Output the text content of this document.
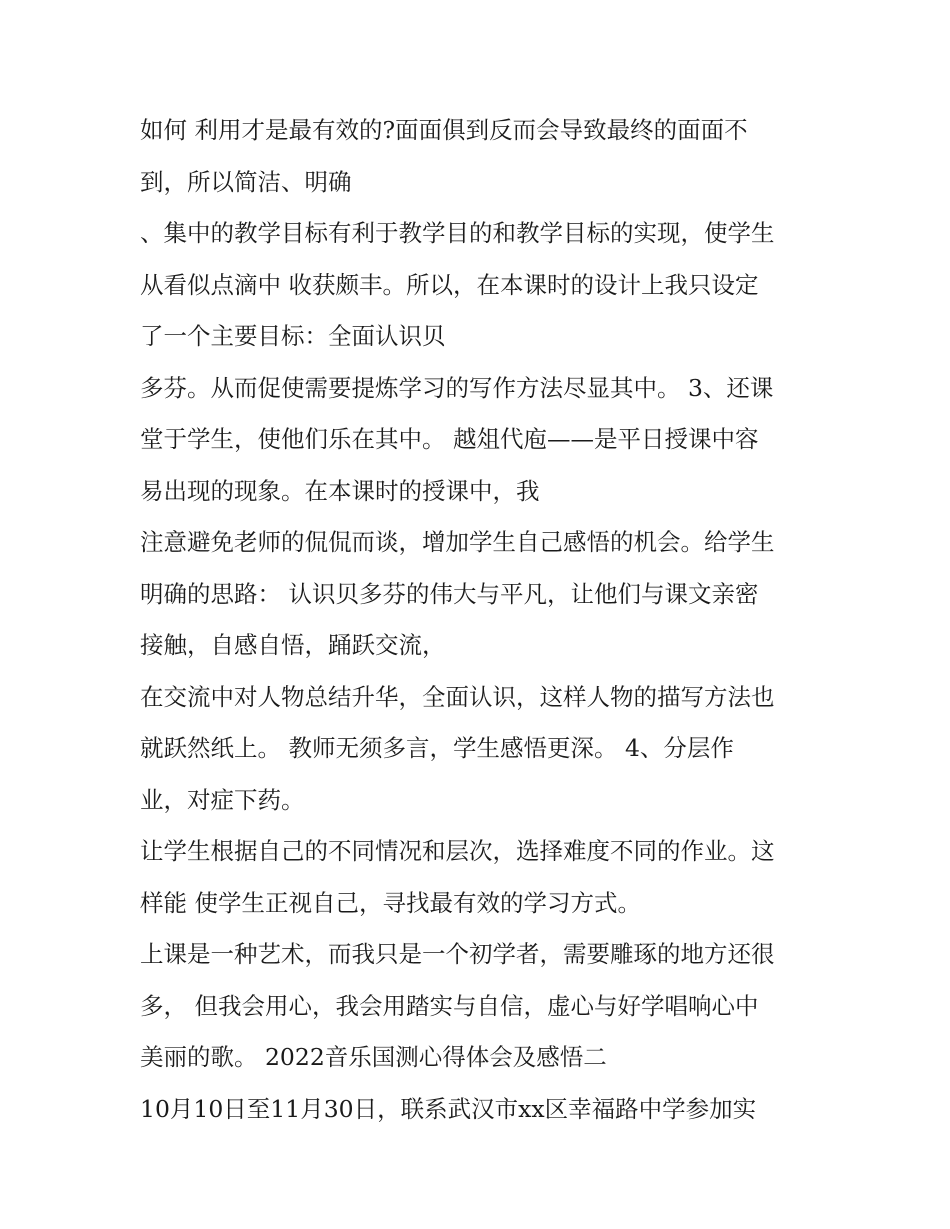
如何 利用才是最有效的?面面俱到反而会导致最终的面面不
到，所以简洁、明确
、集中的教学目标有利于教学目的和教学目标的实现，使学生
从看似点滴中 收获颇丰。所以，在本课时的设计上我只设定
了一个主要目标：全面认识贝
多芬。从而促使需要提炼学习的写作方法尽显其中。 3、还课
堂于学生，使他们乐在其中。 越俎代庖——是平日授课中容
易出现的现象。在本课时的授课中，我
注意避免老师的侃侃而谈，增加学生自己感悟的机会。给学生
明确的思路： 认识贝多芬的伟大与平凡，让他们与课文亲密
接触，自感自悟，踊跃交流，
在交流中对人物总结升华，全面认识，这样人物的描写方法也
就跃然纸上。 教师无须多言，学生感悟更深。 4、分层作
业，对症下药。
让学生根据自己的不同情况和层次，选择难度不同的作业。这
样能 使学生正视自己，寻找最有效的学习方式。
上课是一种艺术，而我只是一个初学者，需要雕琢的地方还很
多， 但我会用心，我会用踏实与自信，虚心与好学唱响心中
美丽的歌。 2022音乐国测心得体会及感悟二
10月10日至11月30日，联系武汉市xx区幸福路中学参加实
